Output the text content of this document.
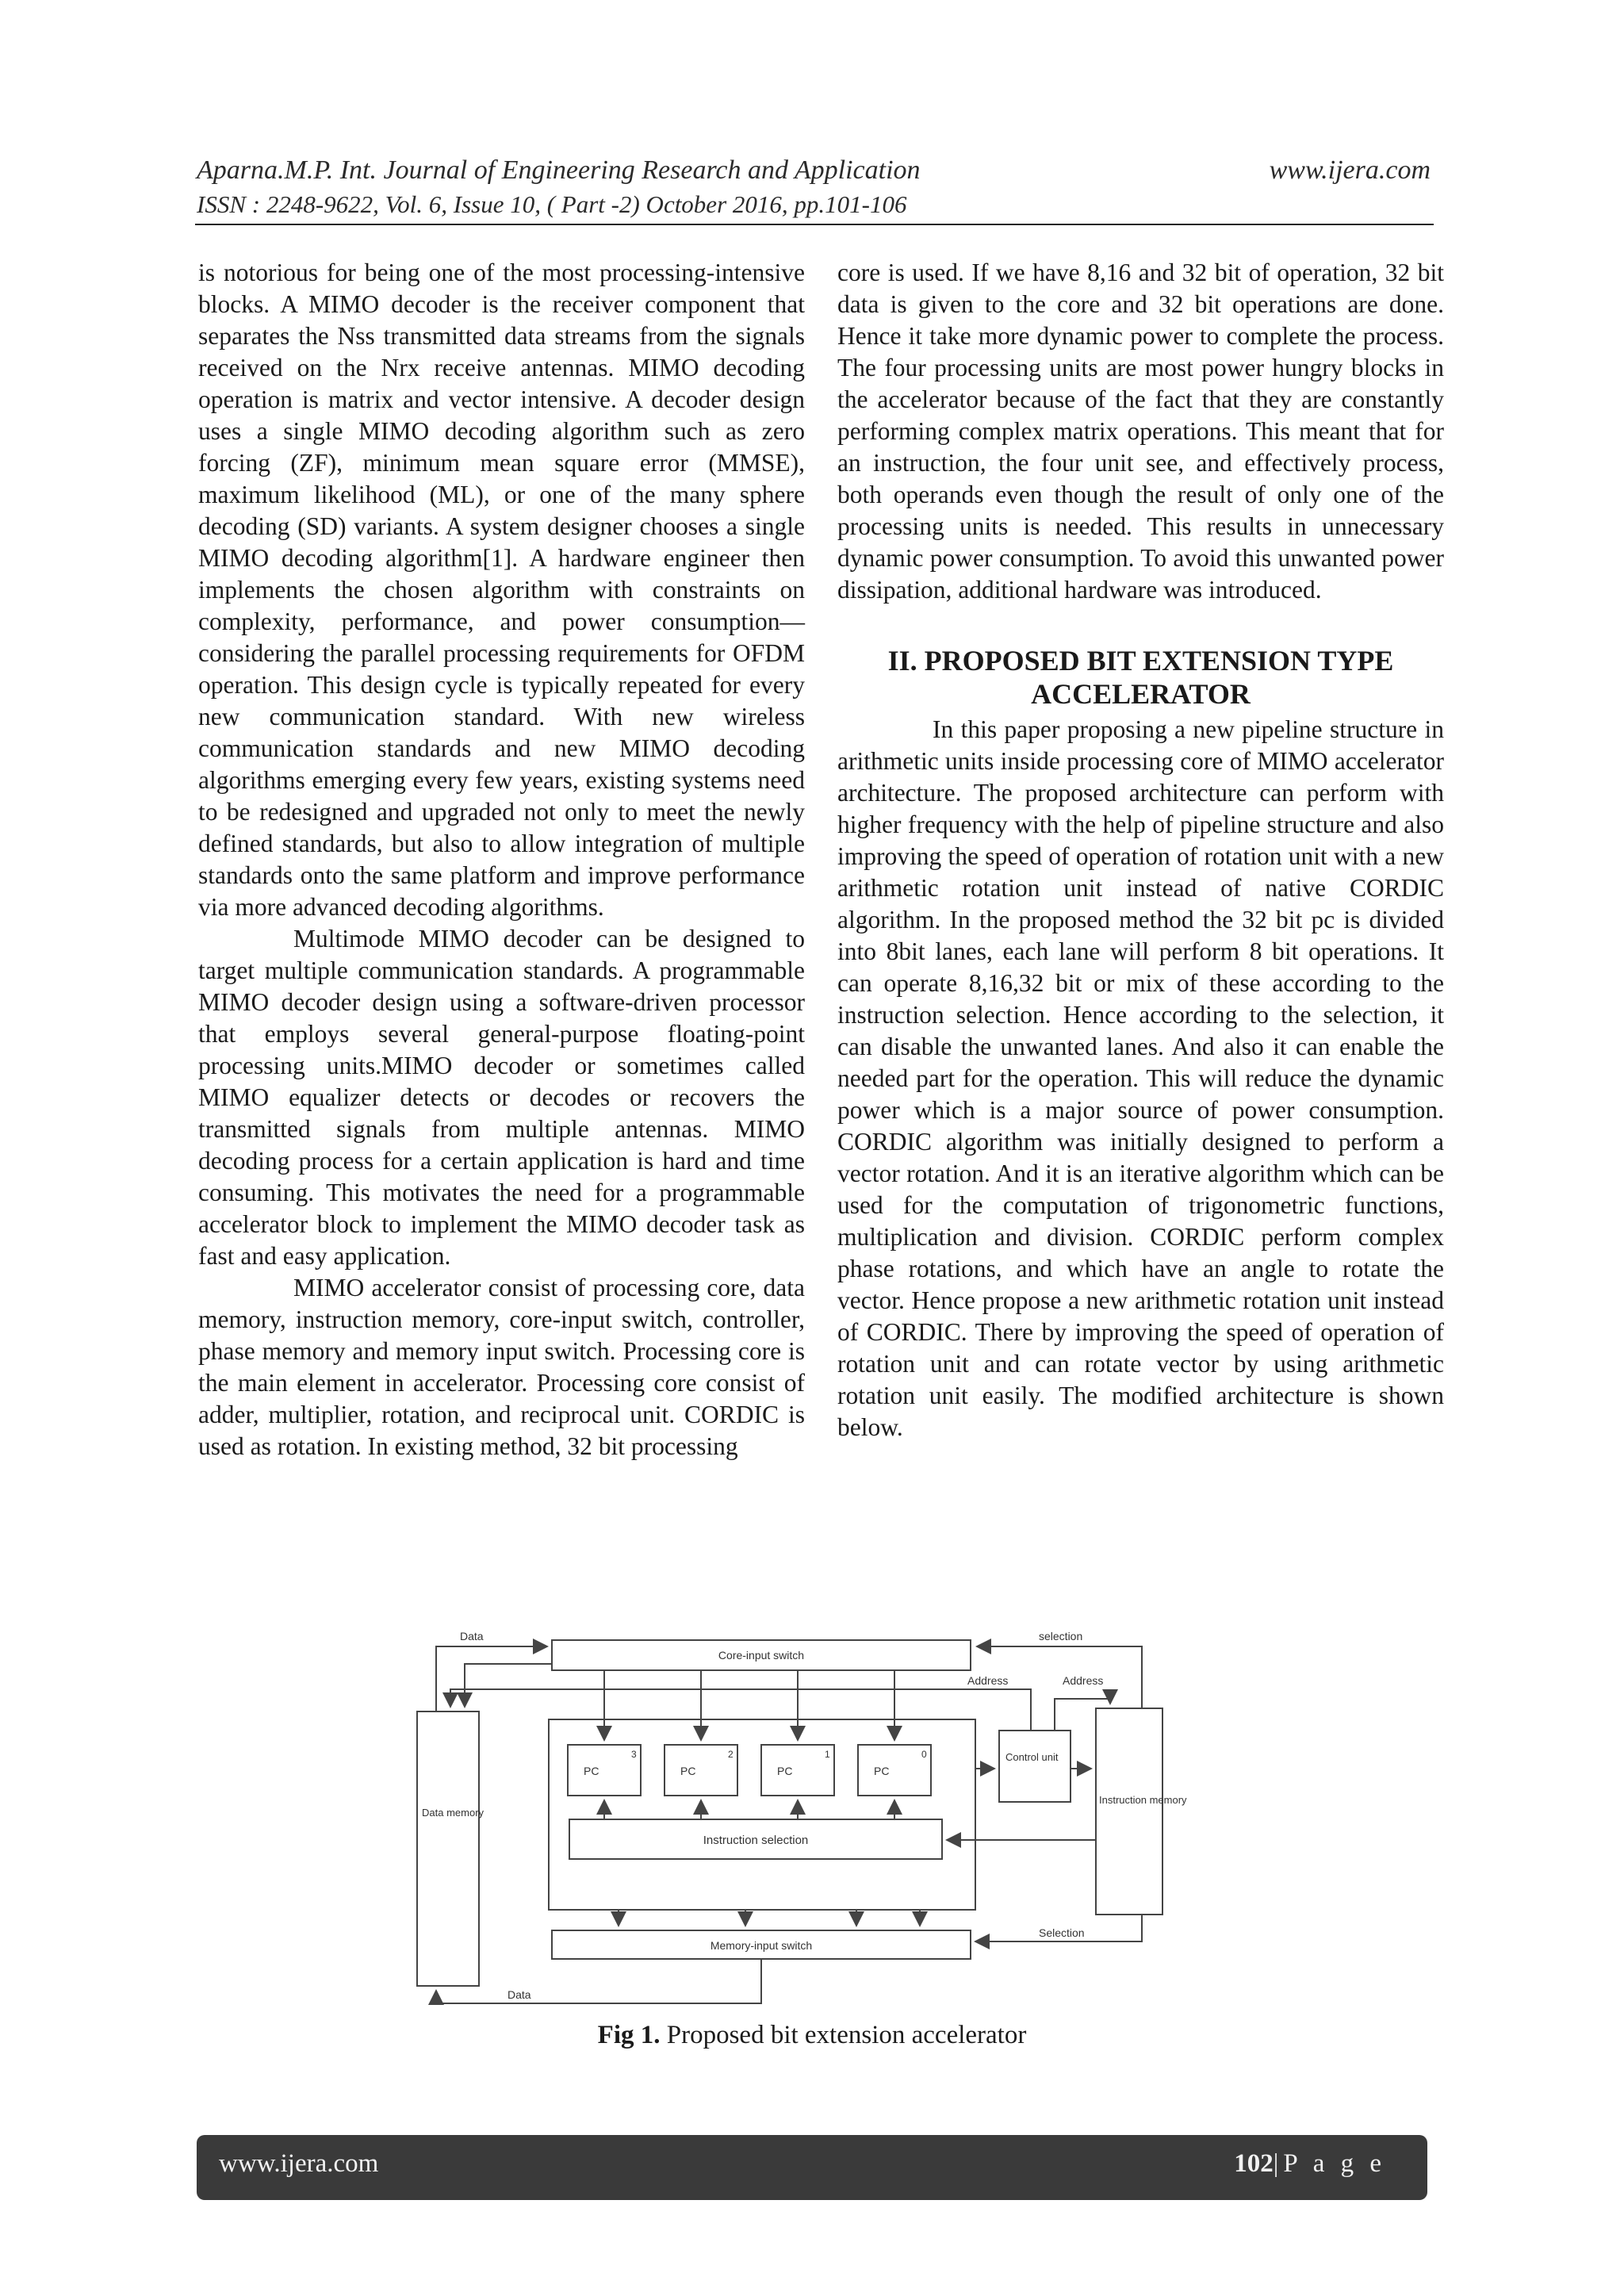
Aparna.M.P. Int. Journal of Engineering Research and Application	www.ijera.com
ISSN : 2248-9622, Vol. 6, Issue 10, ( Part -2) October 2016, pp.101-106

is notorious for being one of the most processing-intensive blocks. A MIMO decoder is the receiver component that separates the Nss transmitted data streams from the signals received on the Nrx receive antennas. MIMO decoding operation is matrix and vector intensive. A decoder design uses a single MIMO decoding algorithm such as zero forcing (ZF), minimum mean square error (MMSE), maximum likelihood (ML), or one of the many sphere decoding (SD) variants. A system designer chooses a single MIMO decoding algorithm[1]. A hardware engineer then implements the chosen algorithm with constraints on complexity, performance, and power consumption—considering the parallel processing requirements for OFDM operation. This design cycle is typically repeated for every new communication standard. With new wireless communication standards and new MIMO decoding algorithms emerging every few years, existing systems need to be redesigned and upgraded not only to meet the newly defined standards, but also to allow integration of multiple standards onto the same platform and improve performance via more advanced decoding algorithms.

Multimode MIMO decoder can be designed to target multiple communication standards. A programmable MIMO decoder design using a software-driven processor that employs several general-purpose floating-point processing units.MIMO decoder or sometimes called MIMO equalizer detects or decodes or recovers the transmitted signals from multiple antennas. MIMO decoding process for a certain application is hard and time consuming. This motivates the need for a programmable accelerator block to implement the MIMO decoder task as fast and easy application.

MIMO accelerator consist of processing core, data memory, instruction memory, core-input switch, controller, phase memory and memory input switch. Processing core is the main element in accelerator. Processing core consist of adder, multiplier, rotation, and reciprocal unit. CORDIC is used as rotation. In existing method, 32 bit processing

core is used. If we have 8,16 and 32 bit of operation, 32 bit data is given to the core and 32 bit operations are done. Hence it take more dynamic power to complete the process. The four processing units are most power hungry blocks in the accelerator because of the fact that they are constantly performing complex matrix operations. This meant that for an instruction, the four unit see, and effectively process, both operands even though the result of only one of the processing units is needed. This results in unnecessary dynamic power consumption. To avoid this unwanted power dissipation, additional hardware was introduced.

II. PROPOSED BIT EXTENSION TYPE ACCELERATOR

In this paper proposing a new pipeline structure in arithmetic units inside processing core of MIMO accelerator architecture. The proposed architecture can perform with higher frequency with the help of pipeline structure and also improving the speed of operation of rotation unit with a new arithmetic rotation unit instead of native CORDIC algorithm. In the proposed method the 32 bit pc is divided into 8bit lanes, each lane will perform 8 bit operations. It can operate 8,16,32 bit or mix of these according to the instruction selection. Hence according to the selection, it can disable the unwanted lanes. And also it can enable the needed part for the operation. This will reduce the dynamic power which is a major source of power consumption. CORDIC algorithm was initially designed to perform a vector rotation. And it is an iterative algorithm which can be used for the computation of trigonometric functions, multiplication and division. CORDIC perform complex phase rotations, and which have an angle to rotate the vector. Hence propose a new arithmetic rotation unit instead of CORDIC. There by improving the speed of operation of rotation unit and can rotate vector by using arithmetic rotation unit easily. The modified architecture is shown below.

Data
Core-input switch
selection
Address	Address
Data memory
PC
3
PC
2
PC
1
PC
0	Control unit
Instruction memory
Instruction selection
Memory-input switch
Selection
Data
Fig 1. Proposed bit extension accelerator
www.ijera.com	102|P a g e
